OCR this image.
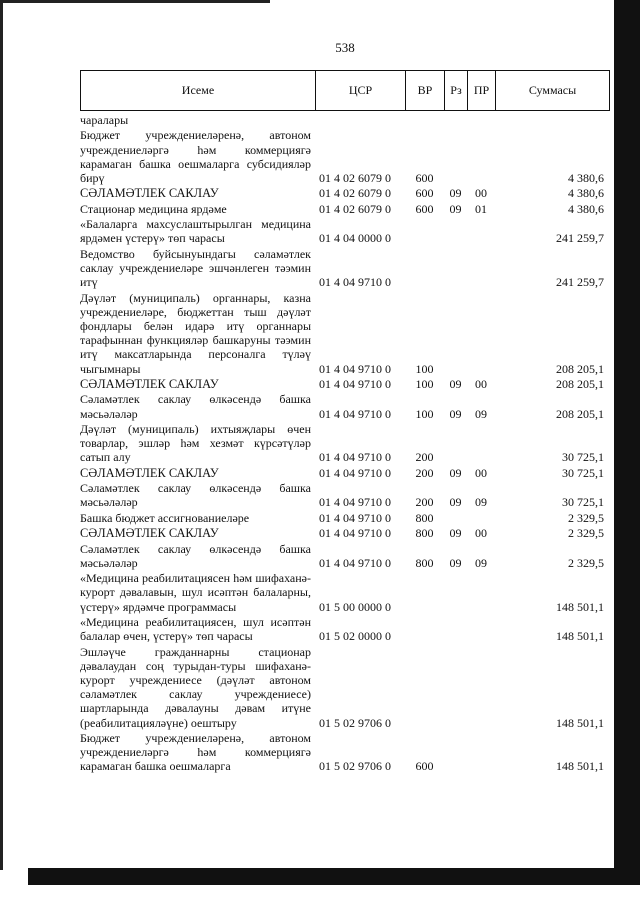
538
Исеме	ЦСР	ВР	Рз	ПР	Суммасы
чаралары
Бюджет учреждениеләренә, автоном учреждениеләргә һәм коммерциягә карамаган башка оешмаларга субсидияләр бирү	01 4 02 6079 0	600	4 380,6
СӘЛАМӘТЛЕК САКЛАУ	01 4 02 6079 0	600	09	00	4 380,6
Стационар медицина ярдәме	01 4 02 6079 0	600	09	01	4 380,6
«Балаларга махсуслаштырылган медицина ярдәмен үстерү» төп чарасы	01 4 04 0000 0	241 259,7
Ведомство буйсынуындагы сәламәтлек саклау учреждениеләре эшчәнлеген тәэмин итү	01 4 04 9710 0	241 259,7
Дәүләт (муниципаль) органнары, казна учреждениеләре, бюджеттан тыш дәүләт фондлары белән идарә итү органнары тарафыннан функцияләр башкаруны тәэмин итү максатларында персоналга түләү чыгымнары	01 4 04 9710 0	100	208 205,1
СӘЛАМӘТЛЕК САКЛАУ	01 4 04 9710 0	100	09	00	208 205,1
Сәламәтлек саклау өлкәсендә башка мәсьәләләр	01 4 04 9710 0	100	09	09	208 205,1
Дәүләт (муниципаль) ихтыяҗлары өчен товарлар, эшләр һәм хезмәт күрсәтүләр сатып алу	01 4 04 9710 0	200	30 725,1
СӘЛАМӘТЛЕК САКЛАУ	01 4 04 9710 0	200	09	00	30 725,1
Сәламәтлек саклау өлкәсендә башка мәсьәләләр	01 4 04 9710 0	200	09	09	30 725,1
Башка бюджет ассигнованиеләре	01 4 04 9710 0	800	2 329,5
СӘЛАМӘТЛЕК САКЛАУ	01 4 04 9710 0	800	09	00	2 329,5
Сәламәтлек саклау өлкәсендә башка мәсьәләләр	01 4 04 9710 0	800	09	09	2 329,5
«Медицина реабилитациясен һәм шифаханә-курорт дәвалавын, шул исәптән балаларны, үстерү» ярдәмче программасы	01 5 00 0000 0	148 501,1
«Медицина реабилитациясен, шул исәптән балалар өчен, үстерү» төп чарасы	01 5 02 0000 0	148 501,1
Эшләүче гражданнарны стационар дәвалаудан соң турыдан-туры шифаханә-курорт учреждениесе (дәүләт автоном сәламәтлек саклау учреждениесе) шартларында дәвалауны дәвам итүне (реабилитацияләүне) оештыру	01 5 02 9706 0	148 501,1
Бюджет учреждениеләренә, автоном учреждениеләргә һәм коммерциягә карамаган башка оешмаларга	01 5 02 9706 0	600	148 501,1
